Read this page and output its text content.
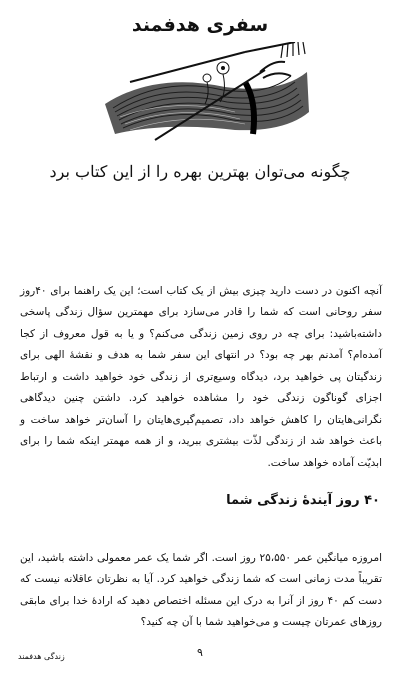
سفری هدفمند
چگونه می‌توان بهترین بهره را از این کتاب برد

آنچه اکنون در دست دارید چیزی بیش از یک کتاب است؛ این یک راهنما برای ۴۰روز سفر روحانی است که شما را قادر می‌سازد برای مهمترین سؤال زندگی پاسخی داشته‌باشید: برای چه در روی زمین زندگی می‌کنم؟ و یا به قول معروف از کجا آمده‌ام؟ آمدنم بهر چه بود؟ در انتهای این سفر شما به هدف و نقشهٔ الهی برای زندگیتان پی خواهید برد، دیدگاه وسیع‌تری از زندگی خود خواهید داشت و ارتباط اجزای گوناگون زندگی خود را مشاهده خواهید کرد. داشتن چنین دیدگاهی نگرانی‌هایتان را کاهش خواهد داد، تصمیم‌گیری‌هایتان را آسان‌تر خواهد ساخت و باعث خواهد شد از زندگی لذّت بیشتری ببرید، و از همه مهمتر اینکه شما را برای ابدیّت آماده خواهد ساخت.

۴۰ روز آیندهٔ زندگی شما

امروزه میانگین عمر ۲۵،۵۵۰ روز است. اگر شما یک عمر معمولی داشته باشید، این تقریباً مدت زمانی است که شما زندگی خواهید کرد. آیا به نظرتان عاقلانه نیست که دست کم ۴۰ روز از آنرا به درک این مسئله اختصاص دهید که ارادهٔ خدا برای مابقی روزهای عمرتان چیست و می‌خواهید شما با آن چه کنید؟

۹
زندگی هدفمند
